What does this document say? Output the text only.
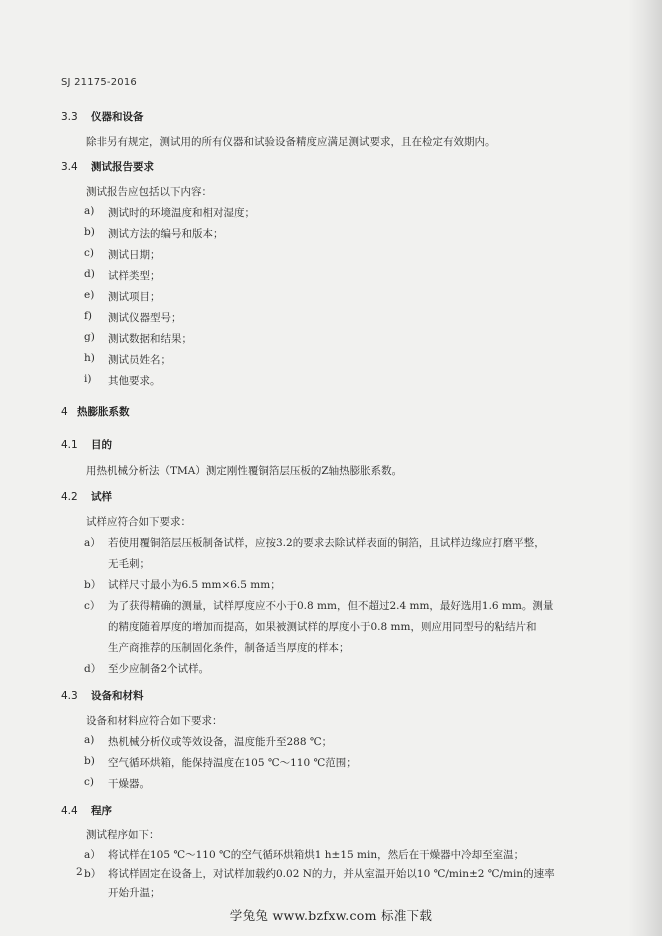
SJ 21175-2016
3.3 仪器和设备
除非另有规定，测试用的所有仪器和试验设备精度应满足测试要求，且在检定有效期内。
3.4 测试报告要求
测试报告应包括以下内容：
a)	测试时的环境温度和相对湿度；
b)	测试方法的编号和版本；
c)	测试日期；
d)	试样类型；
e)	测试项目；
f)	测试仪器型号；
g)	测试数据和结果；
h)	测试员姓名；
i)	其他要求。
4 热膨胀系数
4.1 目的
用热机械分析法（TMA）测定刚性覆铜箔层压板的Z轴热膨胀系数。
4.2 试样
试样应符合如下要求：
a） 若使用覆铜箔层压板制备试样，应按3.2的要求去除试样表面的铜箔，且试样边缘应打磨平整，
无毛刺；
b） 试样尺寸最小为6.5 mm×6.5 mm；
c） 为了获得精确的测量，试样厚度应不小于0.8 mm，但不超过2.4 mm，最好选用1.6 mm。测量
的精度随着厚度的增加而提高，如果被测试样的厚度小于0.8 mm，则应用同型号的粘结片和
生产商推荐的压制固化条件，制备适当厚度的样本；
d） 至少应制备2个试样。
4.3 设备和材料
设备和材料应符合如下要求：
a)	热机械分析仪或等效设备，温度能升至288 ℃；
b)	空气循环烘箱，能保持温度在105 ℃～110 ℃范围；
c)	干燥器。
4.4 程序
测试程序如下：
a） 将试样在105 ℃～110 ℃的空气循环烘箱烘1 h±15 min，然后在干燥器中冷却至室温；
b） 将试样固定在设备上，对试样加载约0.02 N的力，并从室温开始以10 ℃/min±2 ℃/min的速率
开始升温；
2
学兔兔 www.bzfxw.com 标准下载
